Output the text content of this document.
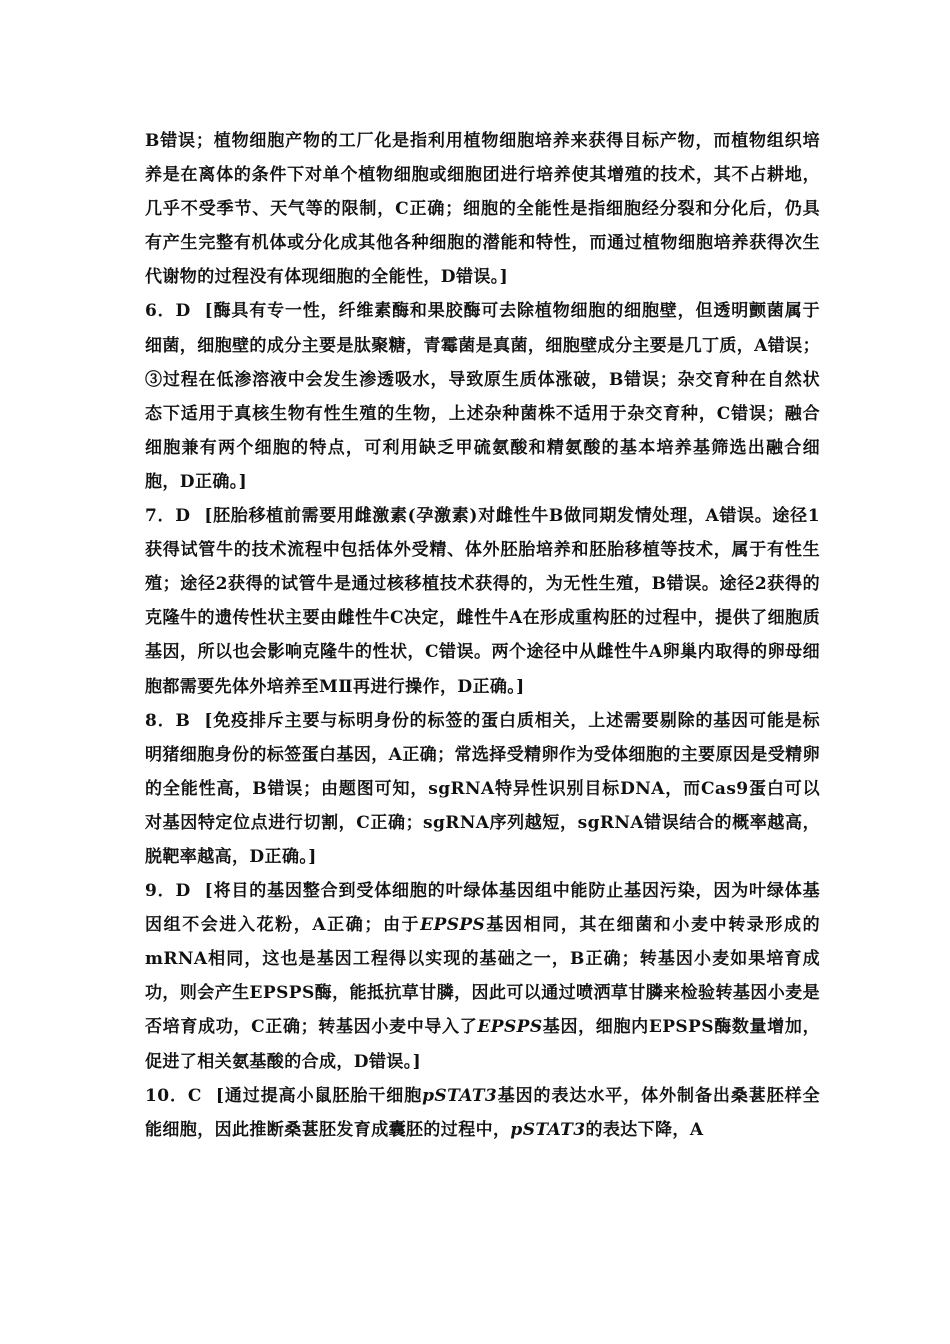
B错误；植物细胞产物的工厂化是指利用植物细胞培养来获得目标产物，而植物组织培养是在离体的条件下对单个植物细胞或细胞团进行培养使其增殖的技术，其不占耕地，几乎不受季节、天气等的限制，C正确；细胞的全能性是指细胞经分裂和分化后，仍具有产生完整有机体或分化成其他各种细胞的潜能和特性，而通过植物细胞培养获得次生代谢物的过程没有体现细胞的全能性，D错误。]

6．D [酶具有专一性，纤维素酶和果胶酶可去除植物细胞的细胞壁，但透明颤菌属于细菌，细胞壁的成分主要是肽聚糖，青霉菌是真菌，细胞壁成分主要是几丁质，A错误；③过程在低渗溶液中会发生渗透吸水，导致原生质体涨破，B错误；杂交育种在自然状态下适用于真核生物有性生殖的生物，上述杂种菌株不适用于杂交育种，C错误；融合细胞兼有两个细胞的特点，可利用缺乏甲硫氨酸和精氨酸的基本培养基筛选出融合细胞，D正确。]

7．D [胚胎移植前需要用雌激素(孕激素)对雌性牛B做同期发情处理，A错误。途径1获得试管牛的技术流程中包括体外受精、体外胚胎培养和胚胎移植等技术，属于有性生殖；途径2获得的试管牛是通过核移植技术获得的，为无性生殖，B错误。途径2获得的克隆牛的遗传性状主要由雌性牛C决定，雌性牛A在形成重构胚的过程中，提供了细胞质基因，所以也会影响克隆牛的性状，C错误。两个途径中从雌性牛A卵巢内取得的卵母细胞都需要先体外培养至MⅡ再进行操作，D正确。]

8．B [免疫排斥主要与标明身份的标签的蛋白质相关，上述需要剔除的基因可能是标明猪细胞身份的标签蛋白基因，A正确；常选择受精卵作为受体细胞的主要原因是受精卵的全能性高，B错误；由题图可知，sgRNA特异性识别目标DNA，而Cas9蛋白可以对基因特定位点进行切割，C正确；sgRNA序列越短，sgRNA错误结合的概率越高，脱靶率越高，D正确。]

9．D [将目的基因整合到受体细胞的叶绿体基因组中能防止基因污染，因为叶绿体基因组不会进入花粉，A正确；由于EPSPS基因相同，其在细菌和小麦中转录形成的mRNA相同，这也是基因工程得以实现的基础之一，B正确；转基因小麦如果培育成功，则会产生EPSPS酶，能抵抗草甘膦，因此可以通过喷洒草甘膦来检验转基因小麦是否培育成功，C正确；转基因小麦中导入了EPSPS基因，细胞内EPSPS酶数量增加，促进了相关氨基酸的合成，D错误。]

10．C [通过提高小鼠胚胎干细胞pSTAT3基因的表达水平，体外制备出桑葚胚样全能细胞，因此推断桑葚胚发育成囊胚的过程中，pSTAT3的表达下降，A
